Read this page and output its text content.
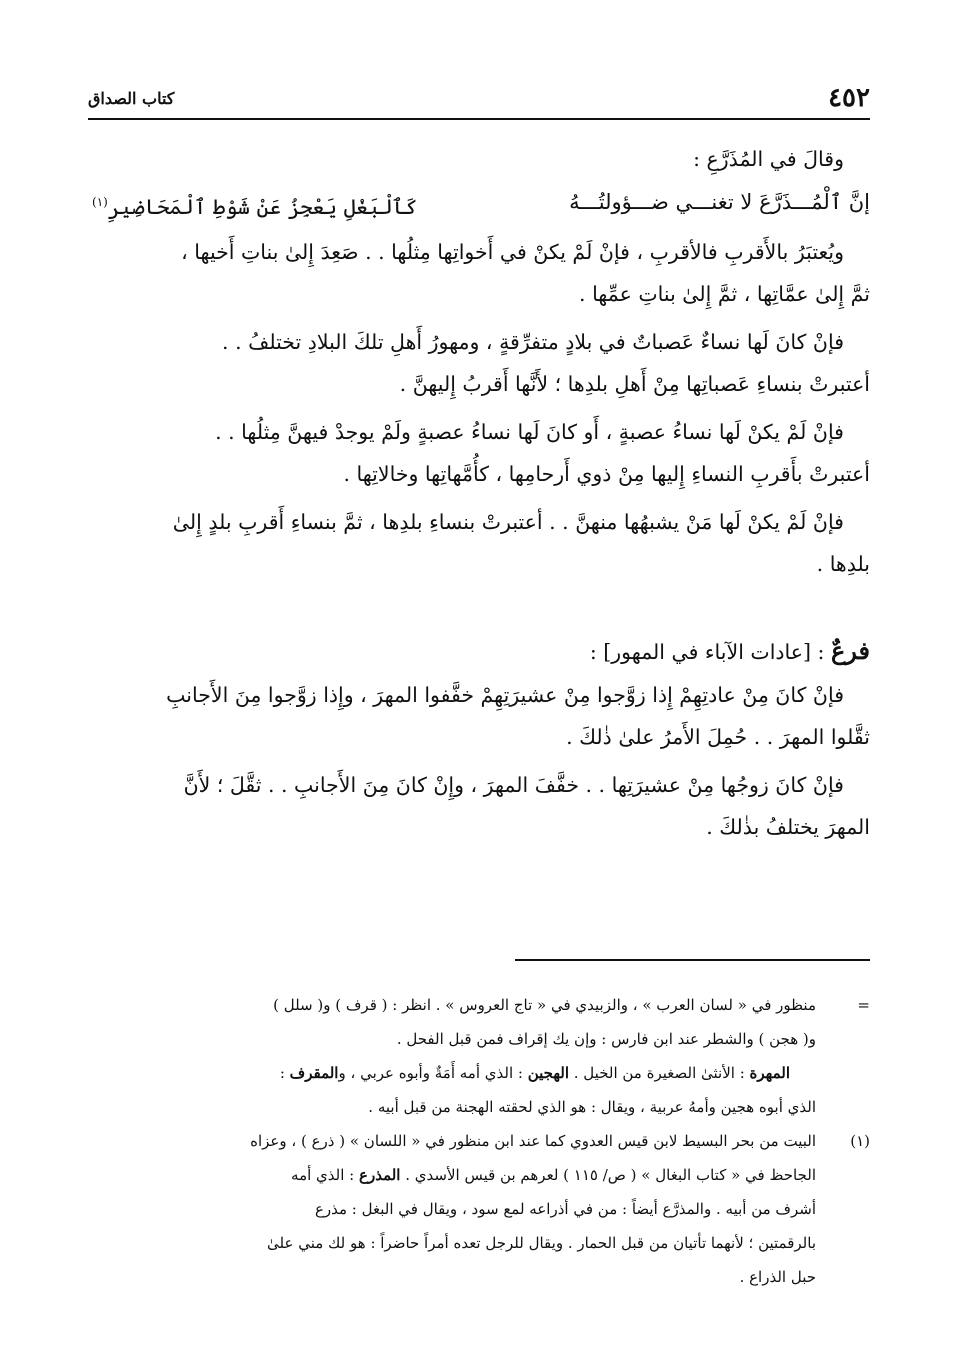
٤٥٢
كتاب الصداق

وقالَ في المُذَرَّعِ :

إنَّ ٱلْمُـــذَرَّعَ لا تغنـــي ضـــؤولتُـــهُ
كَٱلْبَغْلِ يَعْجِزُ عَنْ شَوْطِ ٱلْمَحَاضِيرِ$^{(١)}$
ويُعتبَرُ بالأَقربِ فالأقربِ ، فإنْ لَمْ يكنْ في أَخواتِها مِثلُها . . صَعِدَ إِلىٰ بناتِ أَخيها ،
ثمَّ إِلىٰ عمَّاتِها ، ثمَّ إِلىٰ بناتِ عمِّها .
فإنْ كانَ لَها نساءٌ عَصباتٌ في بلادٍ متفرِّقةٍ ، ومهورُ أَهلِ تلكَ البلادِ تختلفُ . .
أعتبرتْ بنساءِ عَصباتِها مِنْ أَهلِ بلدِها ؛ لأَنَّها أَقربُ إِليهنَّ .
فإنْ لَمْ يكنْ لَها نساءُ عصبةٍ ، أَو كانَ لَها نساءُ عصبةٍ ولَمْ يوجدْ فيهنَّ مِثلُها . .
أعتبرتْ بأَقربِ النساءِ إِليها مِنْ ذوي أَرحامِها ، كأُمَّهاتِها وخالاتِها .
فإنْ لَمْ يكنْ لَها مَنْ يشبهُها منهنَّ . . أعتبرتْ بنساءِ بلدِها ، ثمَّ بنساءِ أَقربِ بلدٍ إِلىٰ
بلدِها .

فرعٌ : [عادات الآباء في المهور] :

فإنْ كانَ مِنْ عادتِهِمْ إِذا زوَّجوا مِنْ عشيرَتِهِمْ خفَّفوا المهرَ ، وإِذا زوَّجوا مِنَ الأَجانبِ
ثقَّلوا المهرَ . . حُمِلَ الأَمرُ علىٰ ذٰلكَ .
فإنْ كانَ زوجُها مِنْ عشيرَتِها . . خفَّفَ المهرَ ، وإِنْ كانَ مِنَ الأَجانبِ . . ثقَّلَ ؛ لأَنَّ
المهرَ يختلفُ بذٰلكَ .
=
منظور في « لسان العرب » ، والزبيدي في « تاج العروس » . انظر : ( قرف ) و( سلل )
و( هجن ) والشطر عند ابن فارس : وإن يك إقراف فمن قبل الفحل .
المهرة : الأنثىٰ الصغيرة من الخيل . الهجين : الذي أمه أَمَةٌ وأبوه عربي ، والمقرف :
الذي أبوه هجين وأمهُ عربية ، ويقال : هو الذي لحقته الهجنة من قبل أبيه .
(١)
البيت من بحر البسيط لابن قيس العدوي كما عند ابن منظور في « اللسان » ( ذرع ) ، وعزاه
الجاحظ في « كتاب البغال » ( ص/ ١١٥ ) لعرهم بن قيس الأسدي . المذرع : الذي أمه
أشرف من أبيه . والمذرَّع أيضاً : من في أذراعه لمع سود ، ويقال في البغل : مذرع
بالرقمتين ؛ لأنهما تأتيان من قبل الحمار . ويقال للرجل تعده أمراً حاضراً : هو لك مني علىٰ
حبل الذراع .
